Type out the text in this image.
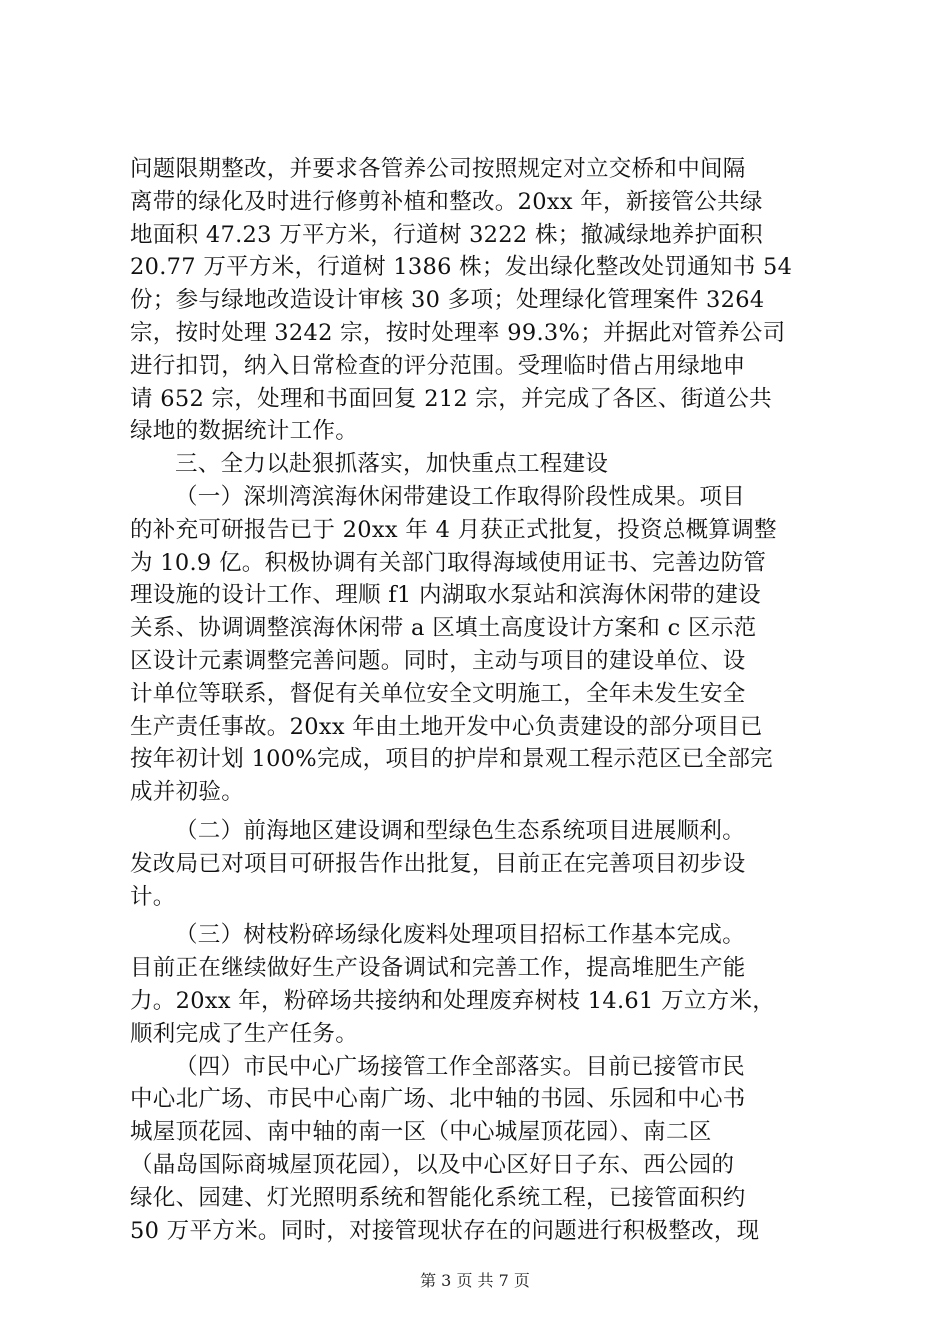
问题限期整改，并要求各管养公司按照规定对立交桥和中间隔
离带的绿化及时进行修剪补植和整改。20xx 年，新接管公共绿
地面积 47.23 万平方米，行道树 3222 株；撤减绿地养护面积
20.77 万平方米，行道树 1386 株；发出绿化整改处罚通知书 54
份；参与绿地改造设计审核 30 多项；处理绿化管理案件 3264
宗，按时处理 3242 宗，按时处理率 99.3%；并据此对管养公司
进行扣罚，纳入日常检查的评分范围。受理临时借占用绿地申
请 652 宗，处理和书面回复 212 宗，并完成了各区、街道公共
绿地的数据统计工作。
三、全力以赴狠抓落实，加快重点工程建设
（一）深圳湾滨海休闲带建设工作取得阶段性成果。项目
的补充可研报告已于 20xx 年 4 月获正式批复，投资总概算调整
为 10.9 亿。积极协调有关部门取得海域使用证书、完善边防管
理设施的设计工作、理顺 f1 内湖取水泵站和滨海休闲带的建设
关系、协调调整滨海休闲带 a 区填土高度设计方案和 c 区示范
区设计元素调整完善问题。同时，主动与项目的建设单位、设
计单位等联系，督促有关单位安全文明施工，全年未发生安全
生产责任事故。20xx 年由土地开发中心负责建设的部分项目已
按年初计划 100%完成，项目的护岸和景观工程示范区已全部完
成并初验。
（二）前海地区建设调和型绿色生态系统项目进展顺利。
发改局已对项目可研报告作出批复，目前正在完善项目初步设
计。
（三）树枝粉碎场绿化废料处理项目招标工作基本完成。
目前正在继续做好生产设备调试和完善工作，提高堆肥生产能
力。20xx 年，粉碎场共接纳和处理废弃树枝 14.61 万立方米，
顺利完成了生产任务。
（四）市民中心广场接管工作全部落实。目前已接管市民
中心北广场、市民中心南广场、北中轴的书园、乐园和中心书
城屋顶花园、南中轴的南一区（中心城屋顶花园）、南二区
（晶岛国际商城屋顶花园），以及中心区好日子东、西公园的
绿化、园建、灯光照明系统和智能化系统工程，已接管面积约
50 万平方米。同时，对接管现状存在的问题进行积极整改，现
第 3 页 共 7 页
